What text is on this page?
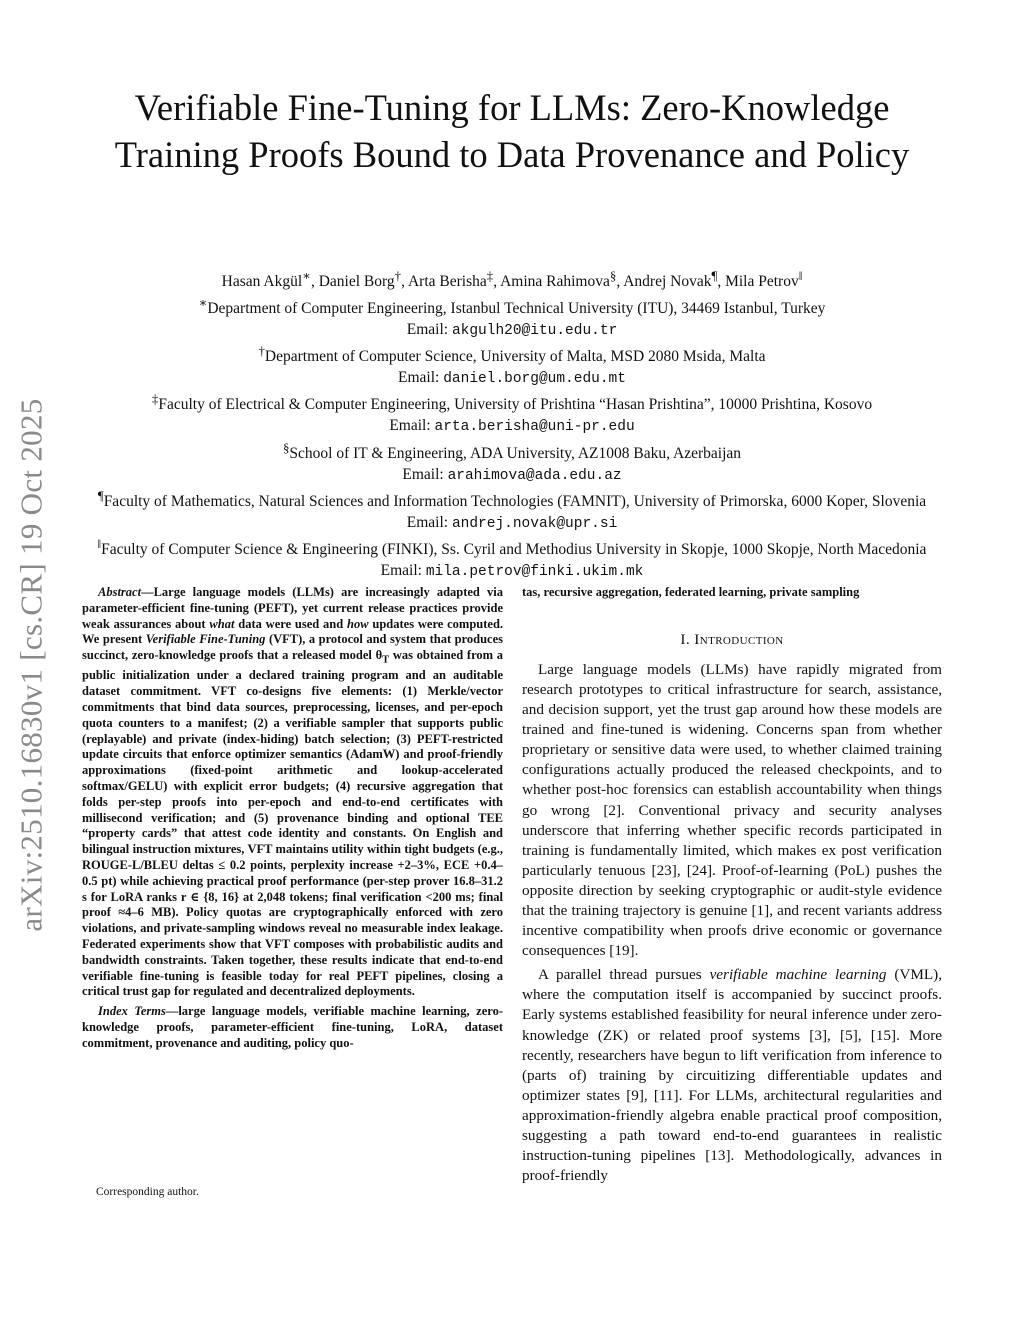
arXiv:2510.16830v1 [cs.CR] 19 Oct 2025
Verifiable Fine-Tuning for LLMs: Zero-Knowledge Training Proofs Bound to Data Provenance and Policy
Hasan Akgül∗, Daniel Borg†, Arta Berisha‡, Amina Rahimova§, Andrej Novak¶, Mila Petrov‖
∗Department of Computer Engineering, Istanbul Technical University (ITU), 34469 Istanbul, Turkey
Email: akgulh20@itu.edu.tr
†Department of Computer Science, University of Malta, MSD 2080 Msida, Malta
Email: daniel.borg@um.edu.mt
‡Faculty of Electrical & Computer Engineering, University of Prishtina “Hasan Prishtina”, 10000 Prishtina, Kosovo
Email: arta.berisha@uni-pr.edu
§School of IT & Engineering, ADA University, AZ1008 Baku, Azerbaijan
Email: arahimova@ada.edu.az
¶Faculty of Mathematics, Natural Sciences and Information Technologies (FAMNIT), University of Primorska, 6000 Koper, Slovenia
Email: andrej.novak@upr.si
‖Faculty of Computer Science & Engineering (FINKI), Ss. Cyril and Methodius University in Skopje, 1000 Skopje, North Macedonia
Email: mila.petrov@finki.ukim.mk

Abstract—Large language models (LLMs) are increasingly adapted via parameter-efficient fine-tuning (PEFT), yet current release practices provide weak assurances about what data were used and how updates were computed. We present Verifiable Fine-Tuning (VFT), a protocol and system that produces succinct, zero-knowledge proofs that a released model $\theta_T$ was obtained from a public initialization under a declared training program and an auditable dataset commitment. VFT co-designs five elements: (1) Merkle/vector commitments that bind data sources, preprocessing, licenses, and per-epoch quota counters to a manifest; (2) a verifiable sampler that supports public (replayable) and private (index-hiding) batch selection; (3) PEFT-restricted update circuits that enforce optimizer semantics (AdamW) and proof-friendly approximations (fixed-point arithmetic and lookup-accelerated softmax/GELU) with explicit error budgets; (4) recursive aggregation that folds per-step proofs into per-epoch and end-to-end certificates with millisecond verification; and (5) provenance binding and optional TEE “property cards” that attest code identity and constants. On English and bilingual instruction mixtures, VFT maintains utility within tight budgets (e.g., ROUGE-L/BLEU deltas ≤ 0.2 points, perplexity increase +2–3%, ECE +0.4–0.5 pt) while achieving practical proof performance (per-step prover 16.8–31.2 s for LoRA ranks r ∈ {8, 16} at 2,048 tokens; final verification <200 ms; final proof ≈4–6 MB). Policy quotas are cryptographically enforced with zero violations, and private-sampling windows reveal no measurable index leakage. Federated experiments show that VFT composes with probabilistic audits and bandwidth constraints. Taken together, these results indicate that end-to-end verifiable fine-tuning is feasible today for real PEFT pipelines, closing a critical trust gap for regulated and decentralized deployments.

Index Terms—large language models, verifiable machine learning, zero-knowledge proofs, parameter-efficient fine-tuning, LoRA, dataset commitment, provenance and auditing, policy quo-

Corresponding author.

tas, recursive aggregation, federated learning, private sampling

I. Introduction

Large language models (LLMs) have rapidly migrated from research prototypes to critical infrastructure for search, assistance, and decision support, yet the trust gap around how these models are trained and fine-tuned is widening. Concerns span from whether proprietary or sensitive data were used, to whether claimed training configurations actually produced the released checkpoints, and to whether post-hoc forensics can establish accountability when things go wrong [2]. Conventional privacy and security analyses underscore that inferring whether specific records participated in training is fundamentally limited, which makes ex post verification particularly tenuous [23], [24]. Proof-of-learning (PoL) pushes the opposite direction by seeking cryptographic or audit-style evidence that the training trajectory is genuine [1], and recent variants address incentive compatibility when proofs drive economic or governance consequences [19].

A parallel thread pursues verifiable machine learning (VML), where the computation itself is accompanied by succinct proofs. Early systems established feasibility for neural inference under zero-knowledge (ZK) or related proof systems [3], [5], [15]. More recently, researchers have begun to lift verification from inference to (parts of) training by circuitizing differentiable updates and optimizer states [9], [11]. For LLMs, architectural regularities and approximation-friendly algebra enable practical proof composition, suggesting a path toward end-to-end guarantees in realistic instruction-tuning pipelines [13]. Methodologically, advances in proof-friendly
